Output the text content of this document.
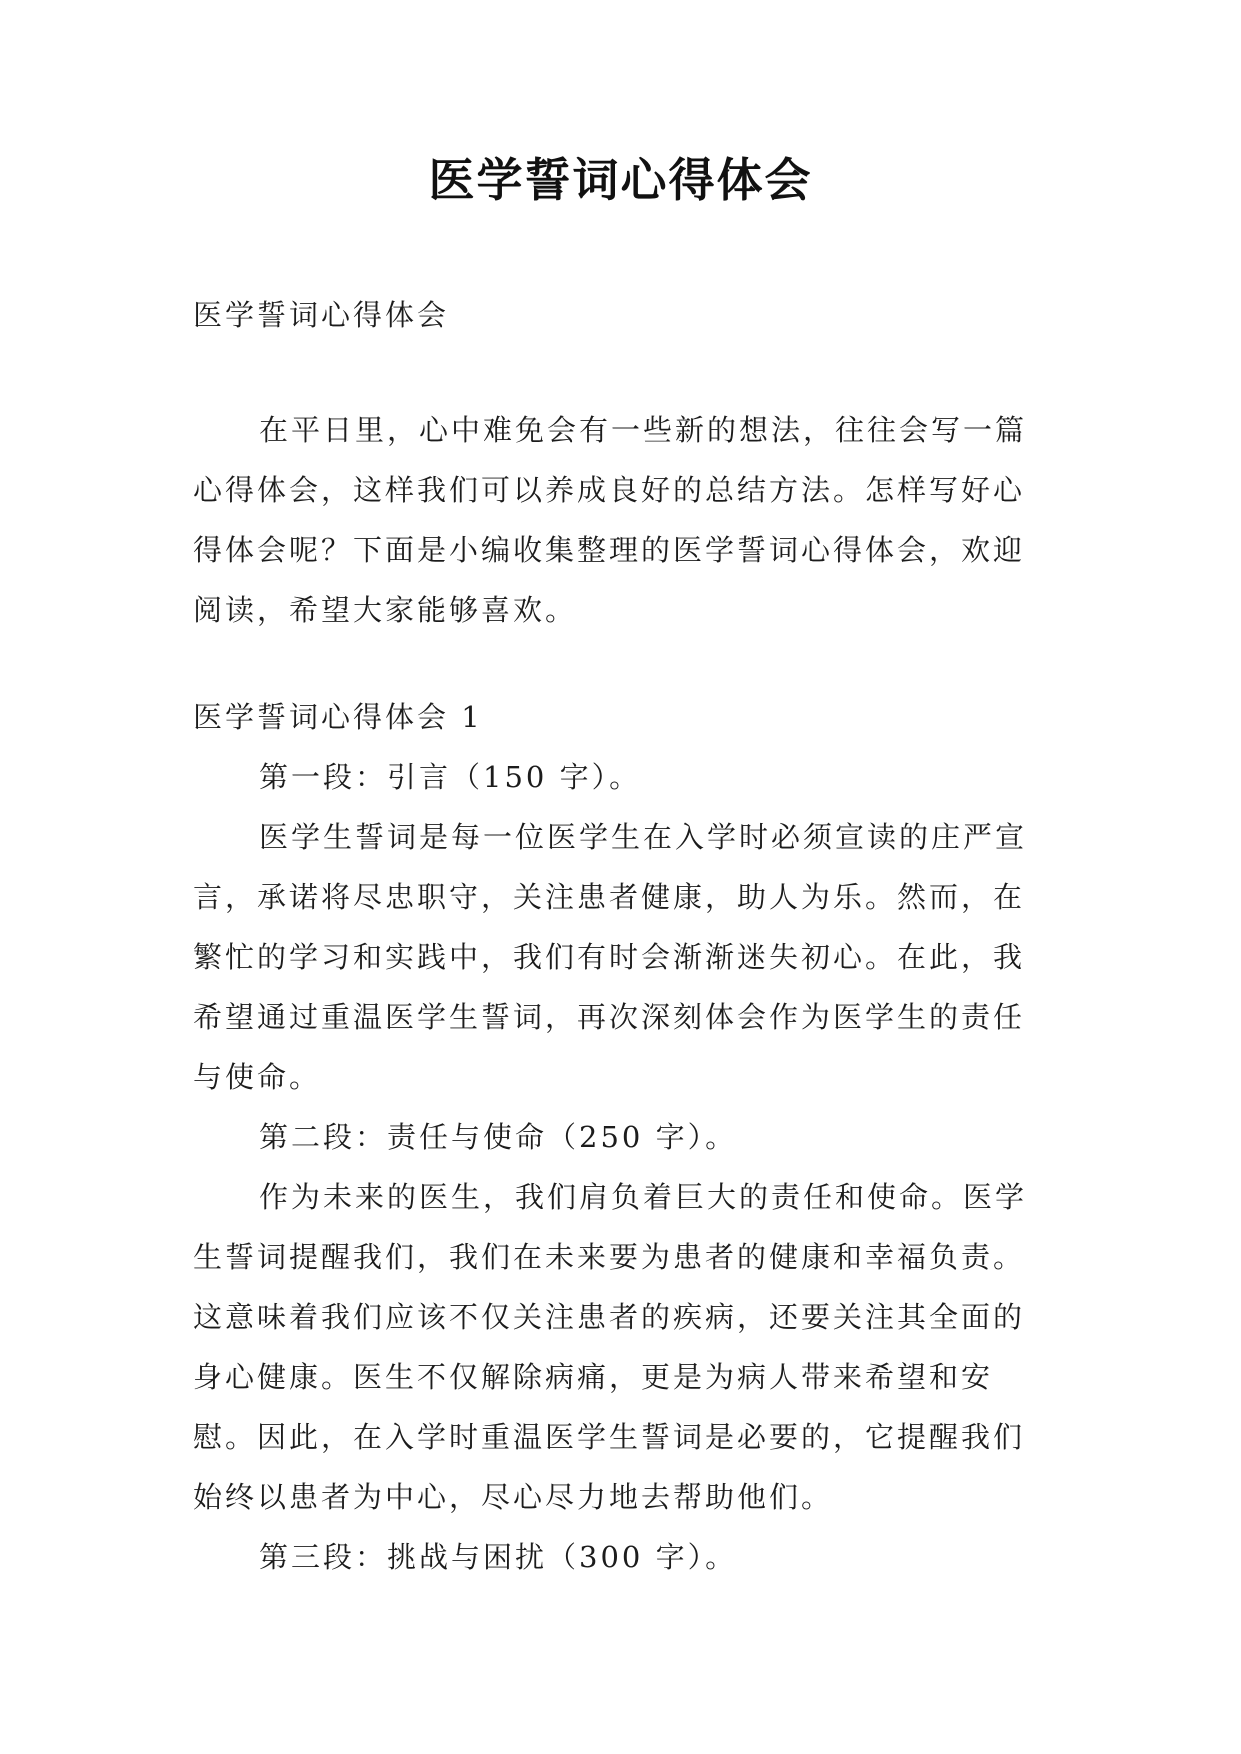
医学誓词心得体会

医学誓词心得体会

在平日里，心中难免会有一些新的想法，往往会写一篇心得体会，这样我们可以养成良好的总结方法。怎样写好心得体会呢？下面是小编收集整理的医学誓词心得体会，欢迎阅读，希望大家能够喜欢。

医学誓词心得体会 1

第一段：引言（150 字）。

医学生誓词是每一位医学生在入学时必须宣读的庄严宣言，承诺将尽忠职守，关注患者健康，助人为乐。然而，在繁忙的学习和实践中，我们有时会渐渐迷失初心。在此，我希望通过重温医学生誓词，再次深刻体会作为医学生的责任与使命。

第二段：责任与使命（250 字）。

作为未来的医生，我们肩负着巨大的责任和使命。医学生誓词提醒我们，我们在未来要为患者的健康和幸福负责。这意味着我们应该不仅关注患者的疾病，还要关注其全面的身心健康。医生不仅解除病痛，更是为病人带来希望和安慰。因此，在入学时重温医学生誓词是必要的，它提醒我们始终以患者为中心，尽心尽力地去帮助他们。

第三段：挑战与困扰（300 字）。
